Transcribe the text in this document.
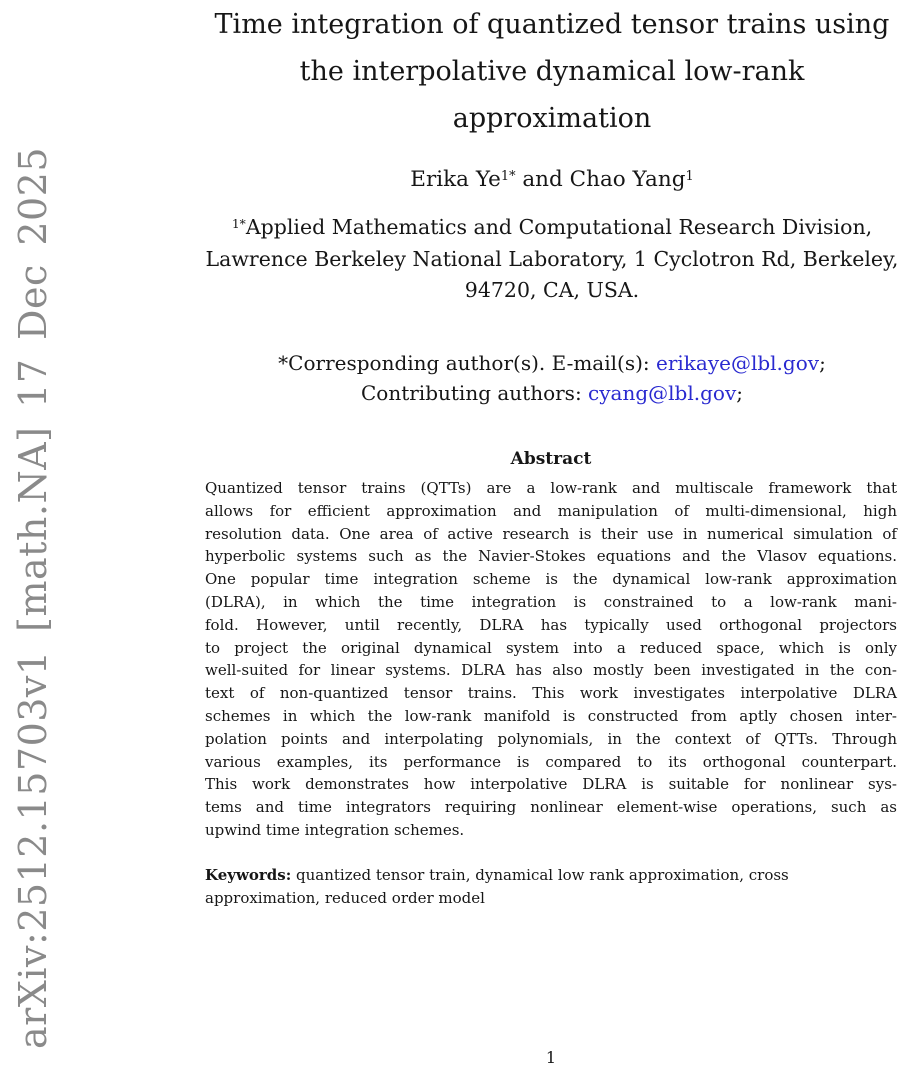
arXiv:2512.15703v1 [math.NA] 17 Dec 2025
Time integration of quantized tensor trains using
the interpolative dynamical low-rank
approximation
Erika $Ye^{1*}$ and Chao Yang$^1$
$^{1*}$Applied Mathematics and Computational Research Division,
Lawrence Berkeley National Laboratory, 1 Cyclotron Rd, Berkeley,
94720, CA, USA.
*Corresponding author(s). E-mail(s): erikaye@lbl.gov;
Contributing authors: cyang@lbl.gov;
Abstract
Quantized tensor trains (QTTs) are a low-rank and multiscale framework that
allows for efficient approximation and manipulation of multi-dimensional, high
resolution data. One area of active research is their use in numerical simulation of
hyperbolic systems such as the Navier-Stokes equations and the Vlasov equations.
One popular time integration scheme is the dynamical low-rank approximation
(DLRA), in which the time integration is constrained to a low-rank mani-
fold. However, until recently, DLRA has typically used orthogonal projectors
to project the original dynamical system into a reduced space, which is only
well-suited for linear systems. DLRA has also mostly been investigated in the con-
text of non-quantized tensor trains. This work investigates interpolative DLRA
schemes in which the low-rank manifold is constructed from aptly chosen inter-
polation points and interpolating polynomials, in the context of QTTs. Through
various examples, its performance is compared to its orthogonal counterpart.
This work demonstrates how interpolative DLRA is suitable for nonlinear sys-
tems and time integrators requiring nonlinear element-wise operations, such as
upwind time integration schemes.
Keywords: quantized tensor train, dynamical low rank approximation, cross
approximation, reduced order model
1
